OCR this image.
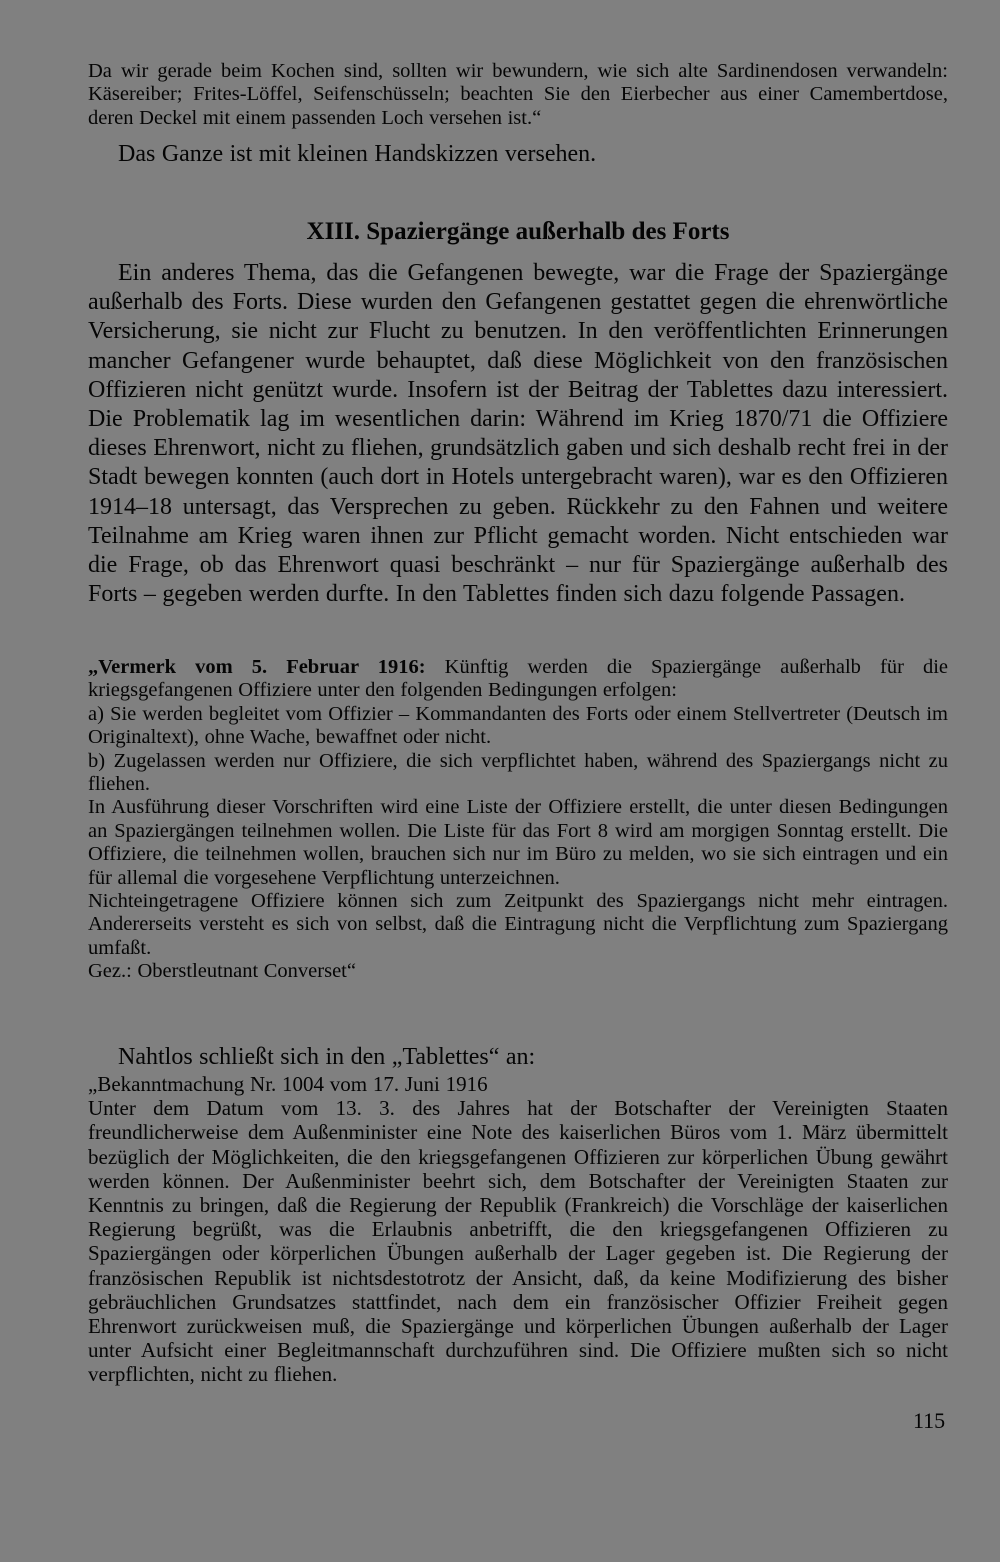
Da wir gerade beim Kochen sind, sollten wir bewundern, wie sich alte Sardinendosen verwandeln: Käsereiber; Frites-Löffel, Seifenschüsseln; beachten Sie den Eierbecher aus einer Camembertdose, deren Deckel mit einem passenden Loch versehen ist.“

Das Ganze ist mit kleinen Handskizzen versehen.

XIII. Spaziergänge außerhalb des Forts

Ein anderes Thema, das die Gefangenen bewegte, war die Frage der Spaziergänge außerhalb des Forts. Diese wurden den Gefangenen gestattet gegen die ehrenwörtliche Versicherung, sie nicht zur Flucht zu benutzen. In den veröffentlichten Erinnerungen mancher Gefangener wurde behauptet, daß diese Möglichkeit von den französischen Offizieren nicht genützt wurde. Insofern ist der Beitrag der Tablettes dazu interessiert. Die Problematik lag im wesentlichen darin: Während im Krieg 1870/71 die Offiziere dieses Ehrenwort, nicht zu fliehen, grundsätzlich gaben und sich deshalb recht frei in der Stadt bewegen konnten (auch dort in Hotels untergebracht waren), war es den Offizieren 1914–18 untersagt, das Versprechen zu geben. Rückkehr zu den Fahnen und weitere Teilnahme am Krieg waren ihnen zur Pflicht gemacht worden. Nicht entschieden war die Frage, ob das Ehrenwort quasi beschränkt – nur für Spaziergänge außerhalb des Forts – gegeben werden durfte. In den Tablettes finden sich dazu folgende Passagen.

„Vermerk vom 5. Februar 1916: Künftig werden die Spaziergänge außerhalb für die kriegsgefangenen Offiziere unter den folgenden Bedingungen erfolgen:

a) Sie werden begleitet vom Offizier – Kommandanten des Forts oder einem Stellvertreter (Deutsch im Originaltext), ohne Wache, bewaffnet oder nicht.

b) Zugelassen werden nur Offiziere, die sich verpflichtet haben, während des Spaziergangs nicht zu fliehen.

In Ausführung dieser Vorschriften wird eine Liste der Offiziere erstellt, die unter diesen Bedingungen an Spaziergängen teilnehmen wollen. Die Liste für das Fort 8 wird am morgigen Sonntag erstellt. Die Offiziere, die teilnehmen wollen, brauchen sich nur im Büro zu melden, wo sie sich eintragen und ein für allemal die vorgesehene Verpflichtung unterzeichnen.

Nichteingetragene Offiziere können sich zum Zeitpunkt des Spaziergangs nicht mehr eintragen. Andererseits versteht es sich von selbst, daß die Eintragung nicht die Verpflichtung zum Spaziergang umfaßt.

Gez.: Oberstleutnant Converset“

Nahtlos schließt sich in den „Tablettes“ an:

„Bekanntmachung Nr. 1004 vom 17. Juni 1916

Unter dem Datum vom 13. 3. des Jahres hat der Botschafter der Vereinigten Staaten freundlicherweise dem Außenminister eine Note des kaiserlichen Büros vom 1. März übermittelt bezüglich der Möglichkeiten, die den kriegsgefangenen Offizieren zur körperlichen Übung gewährt werden können. Der Außenminister beehrt sich, dem Botschafter der Vereinigten Staaten zur Kenntnis zu bringen, daß die Regierung der Republik (Frankreich) die Vorschläge der kaiserlichen Regierung begrüßt, was die Erlaubnis anbetrifft, die den kriegsgefangenen Offizieren zu Spaziergängen oder körperlichen Übungen außerhalb der Lager gegeben ist. Die Regierung der französischen Republik ist nichtsdestotrotz der Ansicht, daß, da keine Modifizierung des bisher gebräuchlichen Grundsatzes stattfindet, nach dem ein französischer Offizier Freiheit gegen Ehrenwort zurückweisen muß, die Spaziergänge und körperlichen Übungen außerhalb der Lager unter Aufsicht einer Begleitmannschaft durchzuführen sind. Die Offiziere mußten sich so nicht verpflichten, nicht zu fliehen.

115
